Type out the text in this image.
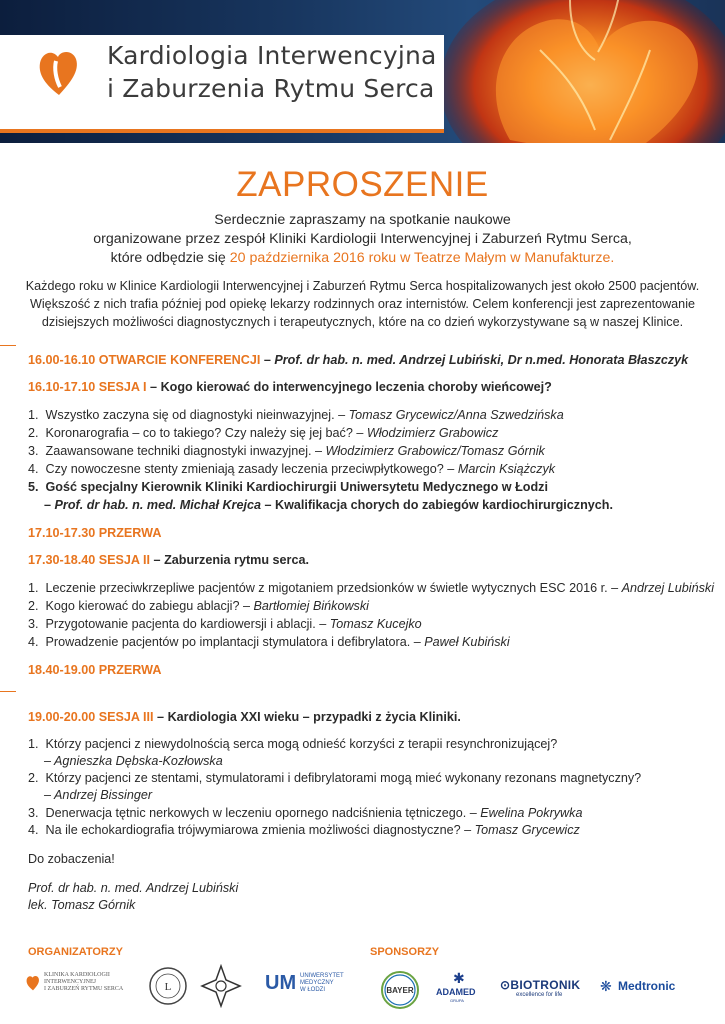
Kardiologia Interwencyjna
i Zaburzenia Rytmu Serca
ZAPROSZENIE
Serdecznie zapraszamy na spotkanie naukowe
organizowane przez zespół Kliniki Kardiologii Interwencyjnej i Zaburzeń Rytmu Serca,
które odbędzie się 20 października 2016 roku w Teatrze Małym w Manufakturze.
Każdego roku w Klinice Kardiologii Interwencyjnej i Zaburzeń Rytmu Serca hospitalizowanych jest około 2500 pacjentów.
Większość z nich trafia później pod opiekę lekarzy rodzinnych oraz internistów. Celem konferencji jest zaprezentowanie
dzisiejszych możliwości diagnostycznych i terapeutycznych, które na co dzień wykorzystywane są w naszej Klinice.
16.00-16.10 OTWARCIE KONFERENCJI – Prof. dr hab. n. med. Andrzej Lubiński, Dr n.med. Honorata Błaszczyk
16.10-17.10 SESJA I – Kogo kierować do interwencyjnego leczenia choroby wieńcowej?
1. Wszystko zaczyna się od diagnostyki nieinwazyjnej. – Tomasz Grycewicz/Anna Szwedzińska
2. Koronarografia – co to takiego? Czy należy się jej bać? – Włodzimierz Grabowicz
3. Zaawansowane techniki diagnostyki inwazyjnej. – Włodzimierz Grabowicz/Tomasz Górnik
4. Czy nowoczesne stenty zmieniają zasady leczenia przeciwpłytkowego? – Marcin Książczyk
5. Gość specjalny Kierownik Kliniki Kardiochirurgii Uniwersytetu Medycznego w Łodzi
– Prof. dr hab. n. med. Michał Krejca – Kwalifikacja chorych do zabiegów kardiochirurgicznych.
17.10-17.30 PRZERWA
17.30-18.40 SESJA II – Zaburzenia rytmu serca.
1. Leczenie przeciwkrzepliwe pacjentów z migotaniem przedsionków w świetle wytycznych ESC 2016 r. – Andrzej Lubiński
2. Kogo kierować do zabiegu ablacji? – Bartłomiej Bińkowski
3. Przygotowanie pacjenta do kardiowersji i ablacji. – Tomasz Kucejko
4. Prowadzenie pacjentów po implantacji stymulatora i defibrylatora. – Paweł Kubiński
18.40-19.00 PRZERWA
19.00-20.00 SESJA III – Kardiologia XXI wieku – przypadki z życia Kliniki.
1. Którzy pacjenci z niewydolnością serca mogą odnieść korzyści z terapii resynchronizującej?
– Agnieszka Dębska-Kozłowska
2. Którzy pacjenci ze stentami, stymulatorami i defibrylatorami mogą mieć wykonany rezonans magnetyczny?
– Andrzej Bissinger
3. Denerwacja tętnic nerkowych w leczeniu opornego nadciśnienia tętniczego. – Ewelina Pokrywka
4. Na ile echokardiografia trójwymiarowa zmienia możliwości diagnostyczne? – Tomasz Grycewicz
Do zobaczenia!
Prof. dr hab. n. med. Andrzej Lubiński
lek. Tomasz Górnik
ORGANIZATORZY	SPONSORZY
KLINIKA KARDIOLOGII
INTERWENCYJNEJ
I ZABURZEŃ RYTMU SERCA	L	UM UNIWERSYTET
MEDYCZNY
W ŁODZI	BAYER
✱
ADAMED
GRUPA
⊙BIOTRONIK
excellence for life
❋ Medtronic
